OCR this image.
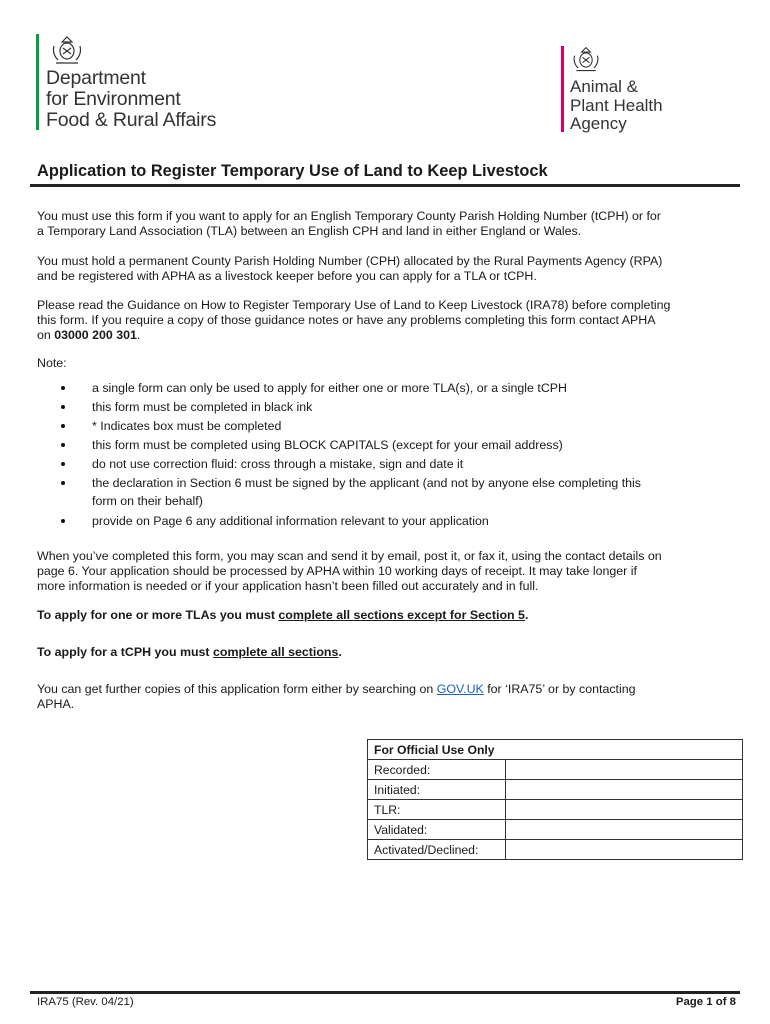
Department
for Environment
Food & Rural Affairs
Animal &
Plant Health
Agency
Application to Register Temporary Use of Land to Keep Livestock
You must use this form if you want to apply for an English Temporary County Parish Holding Number (tCPH) or for
a Temporary Land Association (TLA) between an English CPH and land in either England or Wales.
You must hold a permanent County Parish Holding Number (CPH) allocated by the Rural Payments Agency (RPA)
and be registered with APHA as a livestock keeper before you can apply for a TLA or tCPH.
Please read the Guidance on How to Register Temporary Use of Land to Keep Livestock (IRA78) before completing
this form. If you require a copy of those guidance notes or have any problems completing this form contact APHA
on 03000 200 301.
Note:
a single form can only be used to apply for either one or more TLA(s), or a single tCPH
this form must be completed in black ink
* Indicates box must be completed
this form must be completed using BLOCK CAPITALS (except for your email address)
do not use correction fluid: cross through a mistake, sign and date it
the declaration in Section 6 must be signed by the applicant (and not by anyone else completing this
form on their behalf)
provide on Page 6 any additional information relevant to your application
When you’ve completed this form, you may scan and send it by email, post it, or fax it, using the contact details on
page 6. Your application should be processed by APHA within 10 working days of receipt. It may take longer if
more information is needed or if your application hasn’t been filled out accurately and in full.
To apply for one or more TLAs you must complete all sections except for Section 5.
To apply for a tCPH you must complete all sections.
You can get further copies of this application form either by searching on GOV.UK for ‘IRA75’ or by contacting
APHA.
For Official Use Only	
Recorded:	
Initiated:	
TLR:	
Validated:	
Activated/Declined:	
IRA75 (Rev. 04/21)	Page 1 of 8
